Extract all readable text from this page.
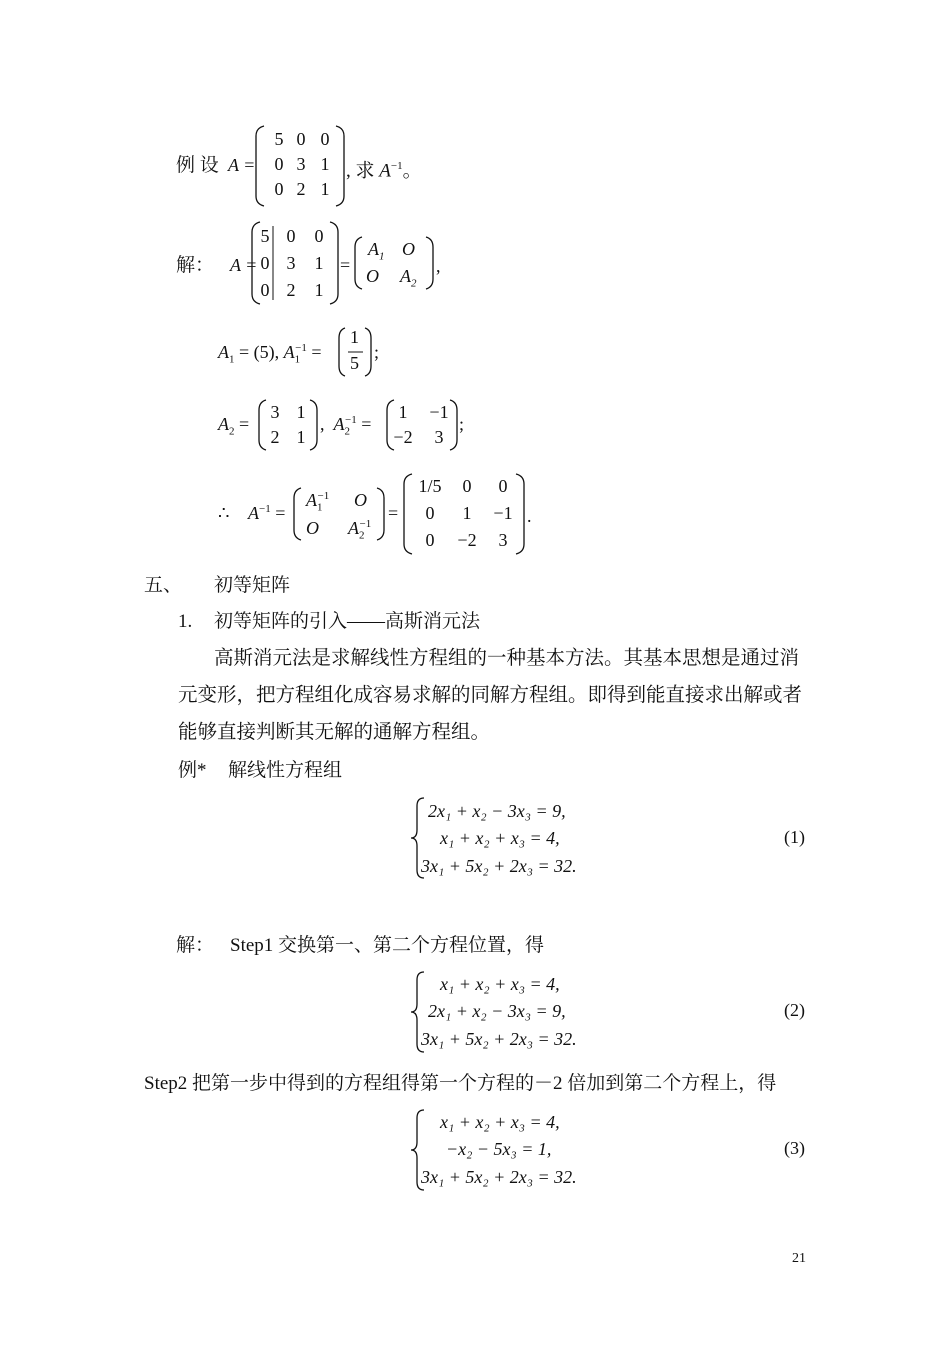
例 设 A =
5 0 0
0 3 1
0 2 1
, 求 $A^{-1}$。
解： A =
5 0	0
0 3	1
0 2	1
=
$A_1$ O
O $A_2$
,
$A_1 = (5)$, $A_1^{-1}$ =
1
5
;
$A_2$ =
3 1
2 1
,  $A_2^{-1}$ =
1	−1
−2	3
;
∴ $A^{-1}$ =
$A_1^{-1}$ O
O $A_2^{-1}$
=
1/5	0	0
0	1	−1
0	−2	3
.
五、 初等矩阵
1. 初等矩阵的引入——高斯消元法
高斯消元法是求解线性方程组的一种基本方法。其基本思想是通过消元变形，把方程组化成容易求解的同解方程组。即得到能直接求出解或者能够直接判断其无解的通解方程组。
例* 解线性方程组
2x₁ + x₂ − 3x₃ = 9,
x₁ + x₂ + x₃ = 4,
3x₁ + 5x₂ + 2x₃ = 32.
(1)
解： Step1 交换第一、第二个方程位置，得
x₁ + x₂ + x₃ = 4,
2x₁ + x₂ − 3x₃ = 9,
3x₁ + 5x₂ + 2x₃ = 32.
(2)
Step2 把第一步中得到的方程组得第一个方程的－2 倍加到第二个方程上，得
x₁ + x₂ + x₃ = 4,
−x₂ − 5x₃ = 1,
3x₁ + 5x₂ + 2x₃ = 32.
(3)
21
